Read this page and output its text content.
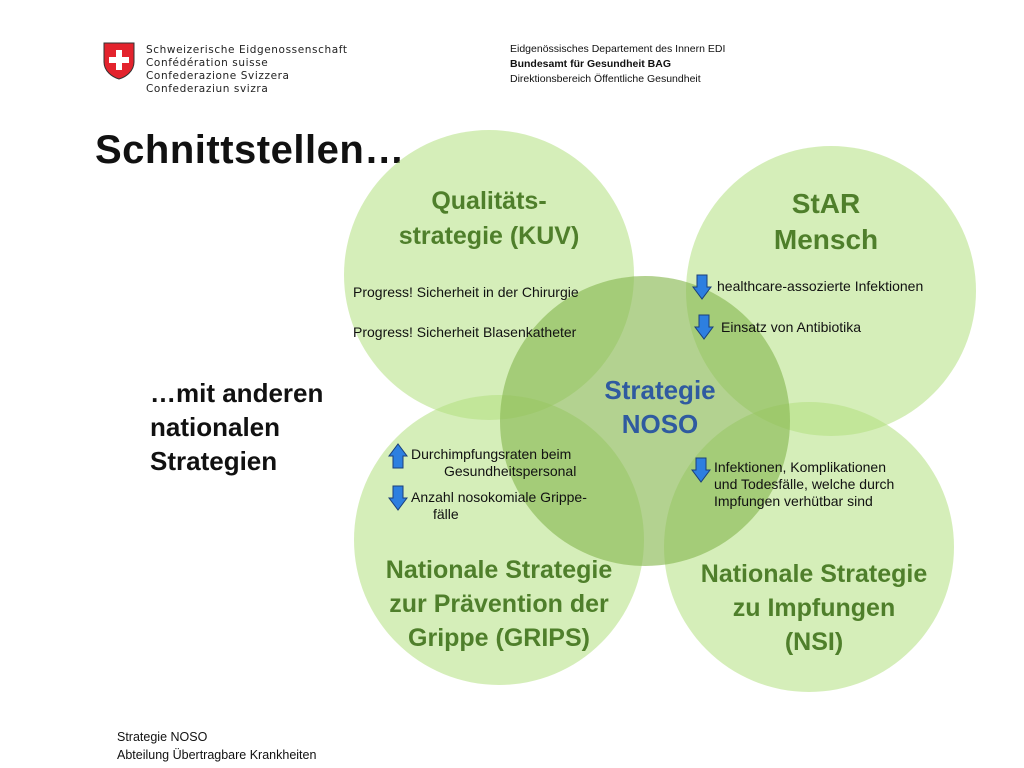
Schweizerische Eidgenossenschaft
Confédération suisse
Confederazione Svizzera
Confederaziun svizra
Eidgenössisches Departement des Innern EDI
Bundesamt für Gesundheit BAG
Direktionsbereich Öffentliche Gesundheit
Schnittstellen…
…mit anderen
nationalen
Strategien
Qualitäts-
strategie (KUV)
Progress! Sicherheit in der Chirurgie
Progress! Sicherheit Blasenkatheter
StAR
Mensch
healthcare-assozierte Infektionen
Einsatz von Antibiotika
Strategie
NOSO
Durchimpfungsraten beim
Gesundheitspersonal
Anzahl nosokomiale Grippe-
fälle
Nationale Strategie
zur Prävention der
Grippe (GRIPS)
Infektionen, Komplikationen
und Todesfälle, welche durch
Impfungen verhütbar sind
Nationale Strategie
zu Impfungen
(NSI)
Strategie NOSO
Abteilung Übertragbare Krankheiten
